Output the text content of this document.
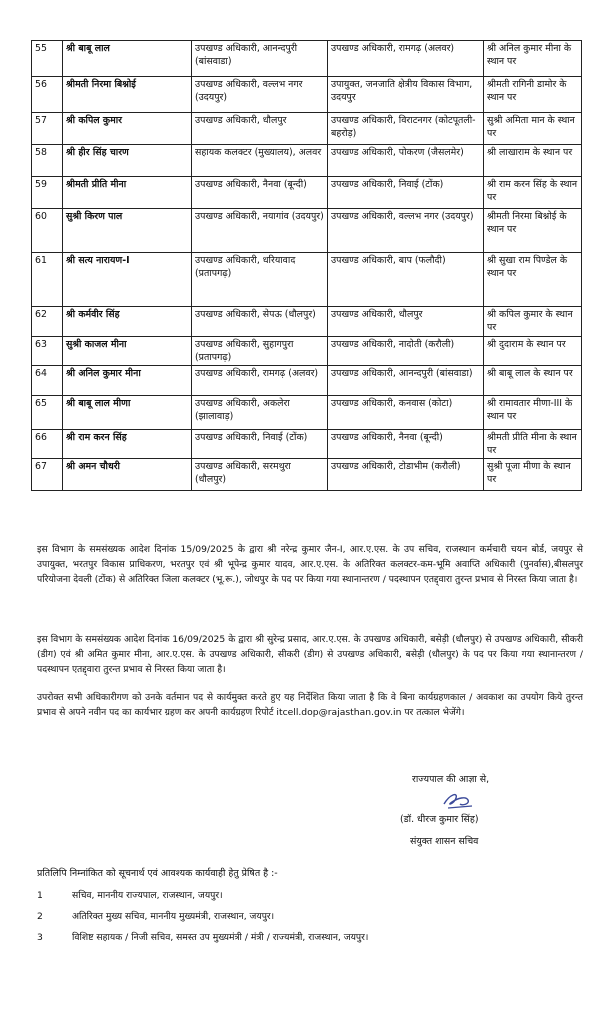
55	श्री बाबू लाल	उपखण्ड अधिकारी, आनन्दपुरी (बांसवाडा)	उपखण्ड अधिकारी, रामगढ़ (अलवर)	श्री अनिल कुमार मीना के स्थान पर
56	श्रीमती निरमा बिश्नोई	उपखण्ड अधिकारी, वल्लभ नगर (उदयपुर)	उपायुक्त, जनजाति क्षेत्रीय विकास विभाग, उदयपुर	श्रीमती रागिनी डामोर के स्थान पर
57	श्री कपिल कुमार	उपखण्ड अधिकारी, धौलपुर	उपखण्ड अधिकारी, विराटनगर (कोटपूतली-बहरोड़)	सुश्री अमिता मान के स्थान पर
58	श्री हीर सिंह चारण	सहायक कलक्टर (मुख्यालय), अलवर	उपखण्ड अधिकारी, पोकरण (जैसलमेर)	श्री लाखाराम के स्थान पर
59	श्रीमती प्रीति मीना	उपखण्ड अधिकारी, नैनवा (बून्दी)	उपखण्ड अधिकारी, निवाई (टोंक)	श्री राम करन सिंह के स्थान पर
60	सुश्री किरण पाल	उपखण्ड अधिकारी, नयागांव (उदयपुर)	उपखण्ड अधिकारी, वल्लभ नगर (उदयपुर)	श्रीमती निरमा बिश्नोई के स्थान पर
61	श्री सत्य नारायण-I	उपखण्ड अधिकारी, धरियावाद (प्रतापगढ़)	उपखण्ड अधिकारी, बाप (फलौदी)	श्री सुखा राम पिण्डेल के स्थान पर
62	श्री कर्मवीर सिंह	उपखण्ड अधिकारी, सेपऊ (धौलपुर)	उपखण्ड अधिकारी, धौलपुर	श्री कपिल कुमार के स्थान पर
63	सुश्री काजल मीना	उपखण्ड अधिकारी, सुहागपुरा (प्रतापगढ़)	उपखण्ड अधिकारी, नादोती (करौली)	श्री दुदाराम के स्थान पर
64	श्री अनिल कुमार मीना	उपखण्ड अधिकारी, रामगढ़ (अलवर)	उपखण्ड अधिकारी, आनन्दपुरी (बांसवाडा)	श्री बाबू लाल के स्थान पर
65	श्री बाबू लाल मीणा	उपखण्ड अधिकारी, अकलेरा (झालावाड़)	उपखण्ड अधिकारी, कनवास (कोटा)	श्री रामावतार मीणा-III के स्थान पर
66	श्री राम करन सिंह	उपखण्ड अधिकारी, निवाई (टोंक)	उपखण्ड अधिकारी, नैनवा (बून्दी)	श्रीमती प्रीति मीना के स्थान पर
67	श्री अमन चौधरी	उपखण्ड अधिकारी, सरमथुरा (धौलपुर)	उपखण्ड अधिकारी, टोडाभीम (करौली)	सुश्री पूजा मीणा के स्थान पर

इस विभाग के समसंख्यक आदेश दिनांक 15/09/2025 के द्वारा श्री नरेन्द्र कुमार जैन-I, आर.ए.एस. के उप सचिव, राजस्थान कर्मचारी चयन बोर्ड, जयपुर से उपायुक्त, भरतपुर विकास प्राधिकरण, भरतपुर एवं श्री भूपेन्द्र कुमार यादव, आर.ए.एस. के अतिरिक्त कलक्टर-कम-भूमि अवाप्ति अधिकारी (पुनर्वास),बीसलपुर परियोजना देवली (टोंक) से अतिरिक्त जिला कलक्टर (भू.रू.), जोधपुर के पद पर किया गया स्थानान्तरण / पदस्थापन एतद्द्वारा तुरन्त प्रभाव से निरस्त किया जाता है।

इस विभाग के समसंख्यक आदेश दिनांक 16/09/2025 के द्वारा श्री सुरेन्द्र प्रसाद, आर.ए.एस. के उपखण्ड अधिकारी, बसेड़ी (धौलपुर) से उपखण्ड अधिकारी, सीकरी (डीग) एवं श्री अमित कुमार मीना, आर.ए.एस. के उपखण्ड अधिकारी, सीकरी (डीग) से उपखण्ड अधिकारी, बसेड़ी (धौलपुर) के पद पर किया गया स्थानान्तरण / पदस्थापन एतद्द्वारा तुरन्त प्रभाव से निरस्त किया जाता है।

उपरोक्त सभी अधिकारीगण को उनके वर्तमान पद से कार्यमुक्त करते हुए यह निर्देशित किया जाता है कि वे बिना कार्यग्रहणकाल / अवकाश का उपयोग किये तुरन्त प्रभाव से अपने नवीन पद का कार्यभार ग्रहण कर अपनी कार्यग्रहण रिपोर्ट itcell.dop@rajasthan.gov.in पर तत्काल भेजेंगे।

राज्यपाल की आज्ञा से,
(डॉ. धीरज कुमार सिंह)
संयुक्त शासन सचिव
प्रतिलिपि निम्नांकित को सूचनार्थ एवं आवश्यक कार्यवाही हेतु प्रेषित है :-
1	सचिव, माननीय राज्यपाल, राजस्थान, जयपुर।
2	अतिरिक्त मुख्य सचिव, माननीय मुख्यमंत्री, राजस्थान, जयपुर।
3	विशिष्ट सहायक / निजी सचिव, समस्त उप मुख्यमंत्री / मंत्री / राज्यमंत्री, राजस्थान, जयपुर।
